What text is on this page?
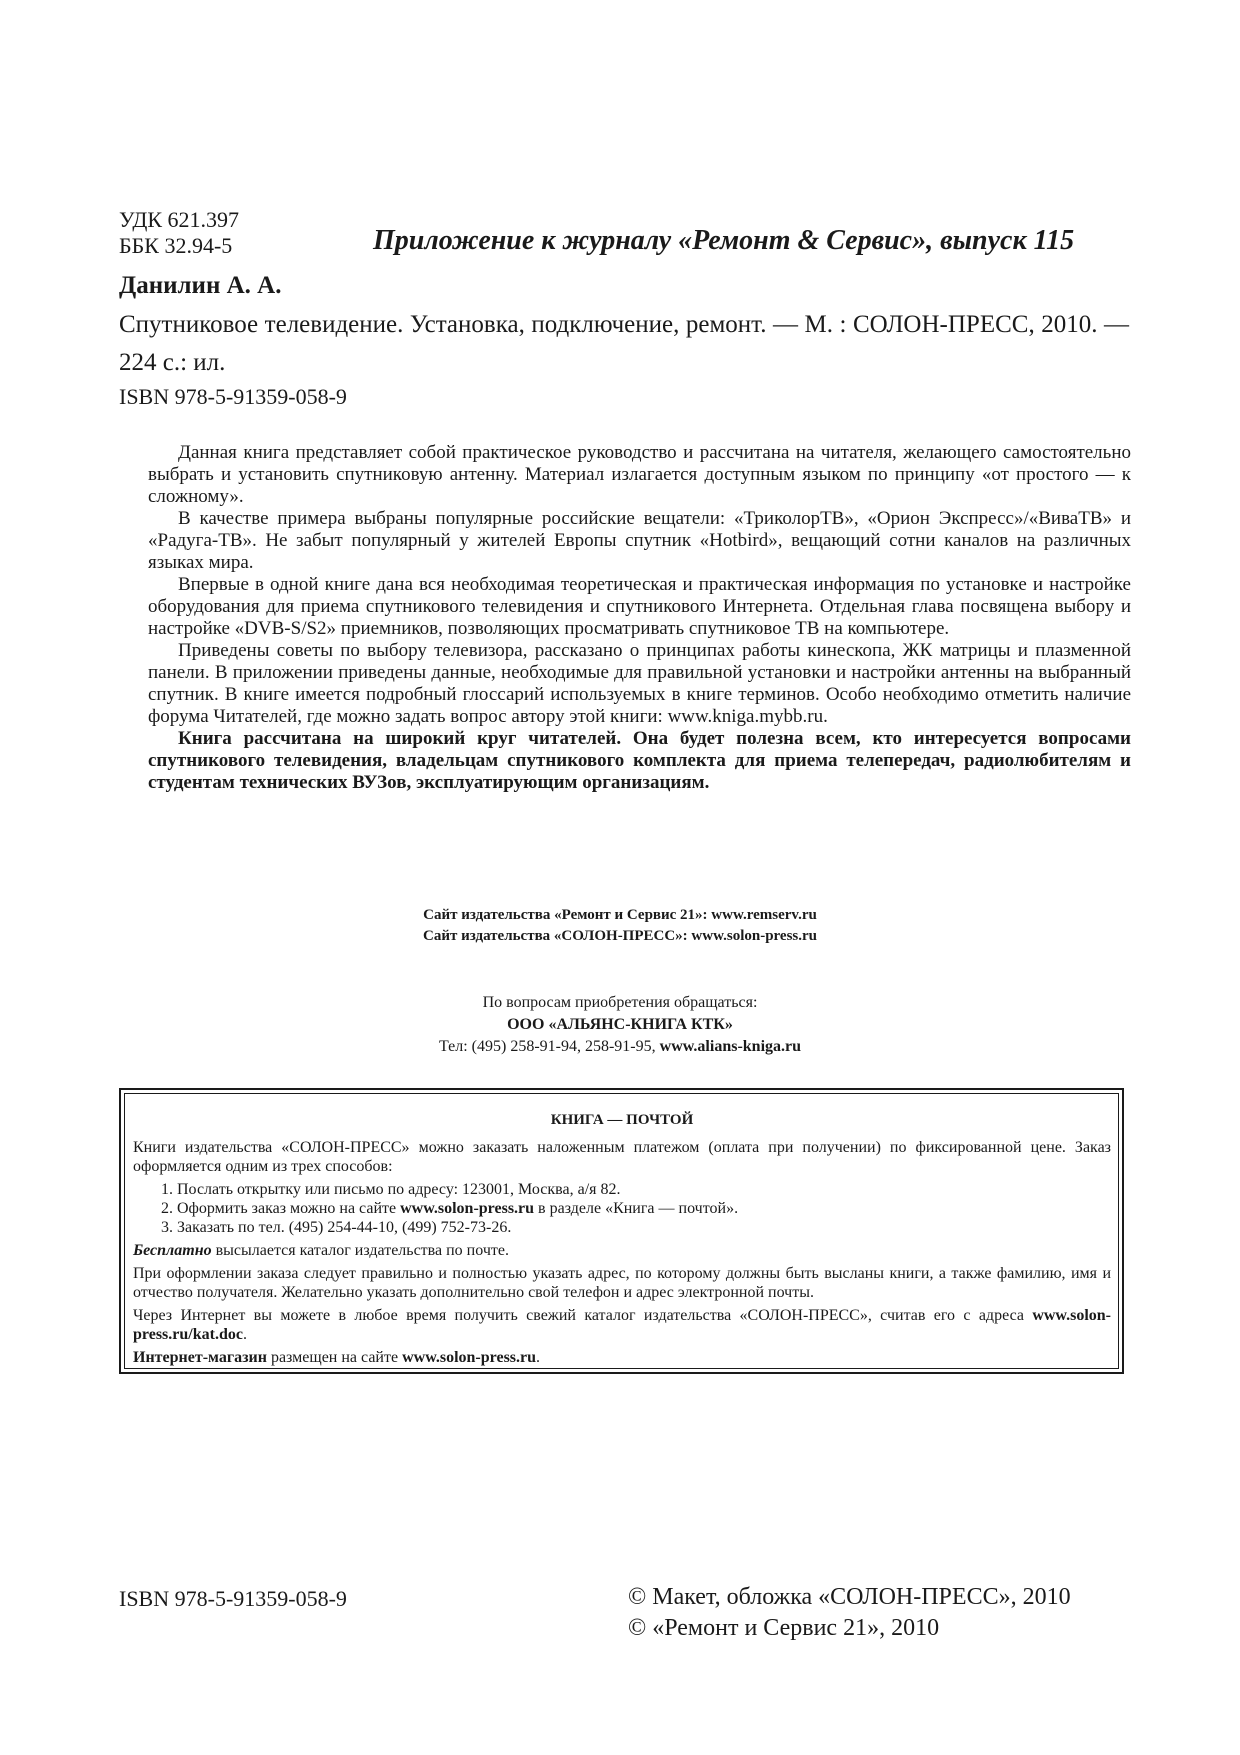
УДК 621.397
ББК 32.94-5	Приложение к журналу «Ремонт & Сервис», выпуск 115
Данилин А. А.
Спутниковое телевидение. Установка, подключение, ремонт. — М. : СОЛОН-ПРЕСС, 2010. — 224 с.: ил.
ISBN 978-5-91359-058-9

Данная книга представляет собой практическое руководство и рассчитана на читателя, желающего самостоятельно выбрать и установить спутниковую антенну. Материал излагается доступным языком по принципу «от простого — к сложному».

В качестве примера выбраны популярные российские вещатели: «ТриколорТВ», «Орион Экспресс»/«ВиваТВ» и «Радуга-ТВ». Не забыт популярный у жителей Европы спутник «Hotbird», вещающий сотни каналов на различных языках мира.

Впервые в одной книге дана вся необходимая теоретическая и практическая информация по установке и настройке оборудования для приема спутникового телевидения и спутникового Интернета. Отдельная глава посвящена выбору и настройке «DVB-S/S2» приемников, позволяющих просматривать спутниковое ТВ на компьютере.

Приведены советы по выбору телевизора, рассказано о принципах работы кинескопа, ЖК матрицы и плазменной панели. В приложении приведены данные, необходимые для правильной установки и настройки антенны на выбранный спутник. В книге имеется подробный глоссарий используемых в книге терминов. Особо необходимо отметить наличие форума Читателей, где можно задать вопрос автору этой книги: www.kniga.mybb.ru.

Книга рассчитана на широкий круг читателей. Она будет полезна всем, кто интересуется вопросами спутникового телевидения, владельцам спутникового комплекта для приема телепередач, радиолюбителям и студентам технических ВУЗов, эксплуатирующим организациям.

Сайт издательства «Ремонт и Сервис 21»: www.remserv.ru
Сайт издательства «СОЛОН-ПРЕСС»: www.solon-press.ru
По вопросам приобретения обращаться:
ООО «АЛЬЯНС-КНИГА КТК»
Тел: (495) 258-91-94, 258-91-95, www.alians-kniga.ru
КНИГА — ПОЧТОЙ

Книги издательства «СОЛОН-ПРЕСС» можно заказать наложенным платежом (оплата при получении) по фиксированной цене. Заказ оформляется одним из трех способов:

1. Послать открытку или письмо по адресу: 123001, Москва, а/я 82.
2. Оформить заказ можно на сайте www.solon-press.ru в разделе «Книга — почтой».
3. Заказать по тел. (495) 254-44-10, (499) 752-73-26.

Бесплатно высылается каталог издательства по почте.

При оформлении заказа следует правильно и полностью указать адрес, по которому должны быть высланы книги, а также фамилию, имя и отчество получателя. Желательно указать дополнительно свой телефон и адрес электронной почты.

Через Интернет вы можете в любое время получить свежий каталог издательства «СОЛОН-ПРЕСС», считав его с адреса www.solon-press.ru/kat.doc.

Интернет-магазин размещен на сайте www.solon-press.ru.

ISBN 978-5-91359-058-9	© Макет, обложка «СОЛОН-ПРЕСС», 2010
© «Ремонт и Сервис 21», 2010
